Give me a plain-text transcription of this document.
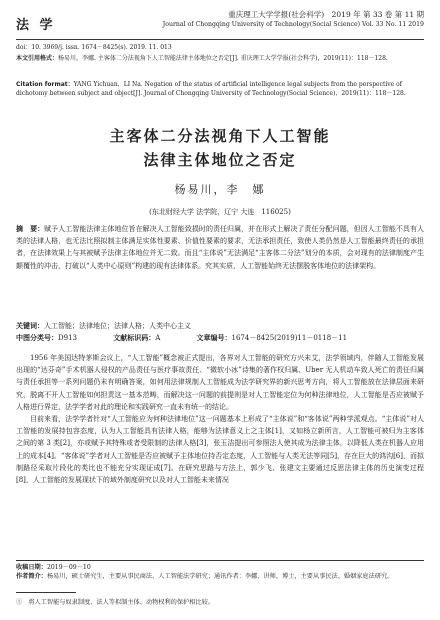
法 学
重庆理工大学学报(社会科学)　2019 年 第 33 卷 第 11 期
Journal of Chongqing University of Technology(Social Science) Vol. 33 No. 11 2019
doi：10. 3969/j. issn. 1674－8425(s). 2019. 11. 013
本文引用格式：杨易川，李娜. 主客体二分法视角下人工智能法律主体地位之否定[J]. 重庆理工大学学报(社会科学)，2019(11)：118－128.
Citation format：YANG Yichuan，LI Na. Negation of the status of artificial intelligence legal subjects from the perspective of dichotomy between subject and object[J]. Journal of Chongqing University of Technology(Social Science)，2019(11)：118－128.
主客体二分法视角下人工智能
法律主体地位之否定
杨易川，李　娜
(东北财经大学 法学院，辽宁 大连　116025)
摘　要：赋予人工智能法律主体地位旨在解决人工智能致损时的责任归属，并在形式上解决了责任分配问题，但因人工智能不具有人类的法律人格，也无法比照拟制主体满足实体性要素、价值性要素的要求，无法承担责任，致使人类仍然是人工智能最终责任的承担者，在法律效果上与其被赋予法律主体地位并无二致。而且“主体说”无法满足“主客体二分法”划分的本质，会对现有的法律制度产生颠覆性的冲击，打破以“人类中心原则”构建的现有法律体系。究其实质，人工智能始终无法摆脱客体地位的法律架构。
关键词：人工智能；法律地位；法律人格；人类中心主义
中图分类号：D913	文献标识码：A	文章编号：1674－8425(2019)11－0118－11

1956 年美国达特茅斯会议上，“人工智能”概念被正式提出，各界对人工智能的研究方兴未艾，法学领域内，伴随人工智能发展出现的“达芬奇”手术机器人侵权的产品责任与医疗事故责任、“微软小冰”诗集的著作权归属、Uber 无人机动车致人死亡的责任归属与责任承担等一系列问题仍未有明确答案，如何用法律规制人工智能成为法学研究界的新兴思考方向，将人工智能放在法律层面来研究，脱离不开人工智能如何担责这一基本范畴，而解决这一问题的前提则是对人工智能定位为何种法律地位，人工智能是否应被赋予人格进行界定，法学学者对此的理论和实践研究一直未有统一的结论。

目前来看，法学学者针对“人工智能应为何种法律地位”这一问题基本上形成了“主体说”和“客体说”两种学派观点。“主体说”对人工智能的发展持包容态度，认为人工智能具有法律人格，能够为法律意义上之主体[1]，又如杨立新所言，人工智能可被归为主客体之间的第 3 类[2]，亦或赋予其特殊或者受限制的法律人格[3]，张玉洁提出可参照法人使其成为法律主体，以降低人类在机器人应用上的成本[4]。“客体说”学者对人工智能是否应被赋予主体地位持否定态度，人工智能与人类无法等同[5]，存在巨大的鸿沟[6]，而拟制路径采取片段化的类比也不能充分实现证成[7]。在研究思路与方法上，郭少飞、张建文主要通过反思法律主体的历史演变过程[8]，人工智能的发展现状下的域外制度研究以及对人工智能未来情况

收稿日期：2019－09－10
作者简介：杨易川，硕士研究生，主要从事民商法、人工智能法学研究；通讯作者：李娜，讲师，博士，主要从事民法、婚姻家庭法研究。
①　将人工智能与奴隶制度、法人等拟制主体、动物权利的保护相比较。
